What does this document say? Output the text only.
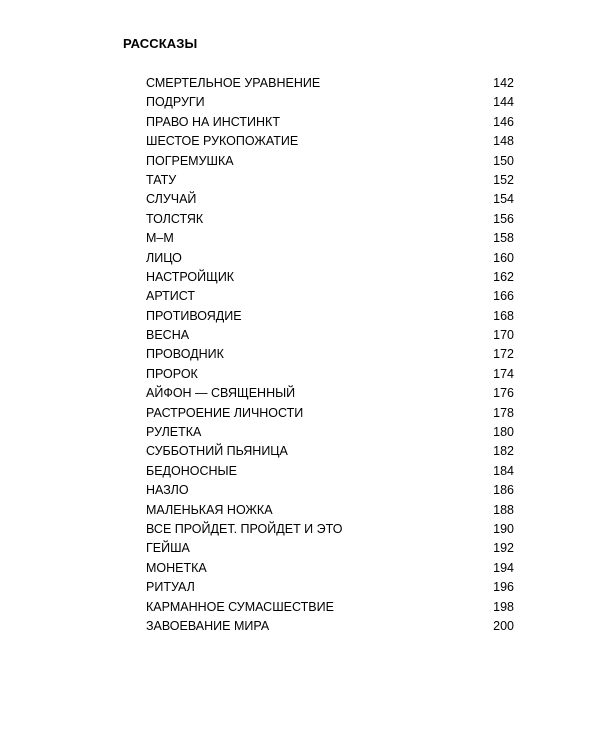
РАССКАЗЫ
СМЕРТЕЛЬНОЕ УРАВНЕНИЕ	142
ПОДРУГИ	144
ПРАВО НА ИНСТИНКТ	146
ШЕСТОЕ РУКОПОЖАТИЕ	148
ПОГРЕМУШКА	150
ТАТУ	152
СЛУЧАЙ	154
ТОЛСТЯК	156
М–М	158
ЛИЦО	160
НАСТРОЙЩИК	162
АРТИСТ	166
ПРОТИВОЯДИЕ	168
ВЕСНА	170
ПРОВОДНИК	172
ПРОРОК	174
АЙФОН — СВЯЩЕННЫЙ	176
РАСТРОЕНИЕ ЛИЧНОСТИ	178
РУЛЕТКА	180
СУББОТНИЙ ПЬЯНИЦА	182
БЕДОНОСНЫЕ	184
НАЗЛО	186
МАЛЕНЬКАЯ НОЖКА	188
ВСЕ ПРОЙДЕТ. ПРОЙДЕТ И ЭТО	190
ГЕЙША	192
МОНЕТКА	194
РИТУАЛ	196
КАРМАННОЕ СУМАСШЕСТВИЕ	198
ЗАВОЕВАНИЕ МИРА	200
